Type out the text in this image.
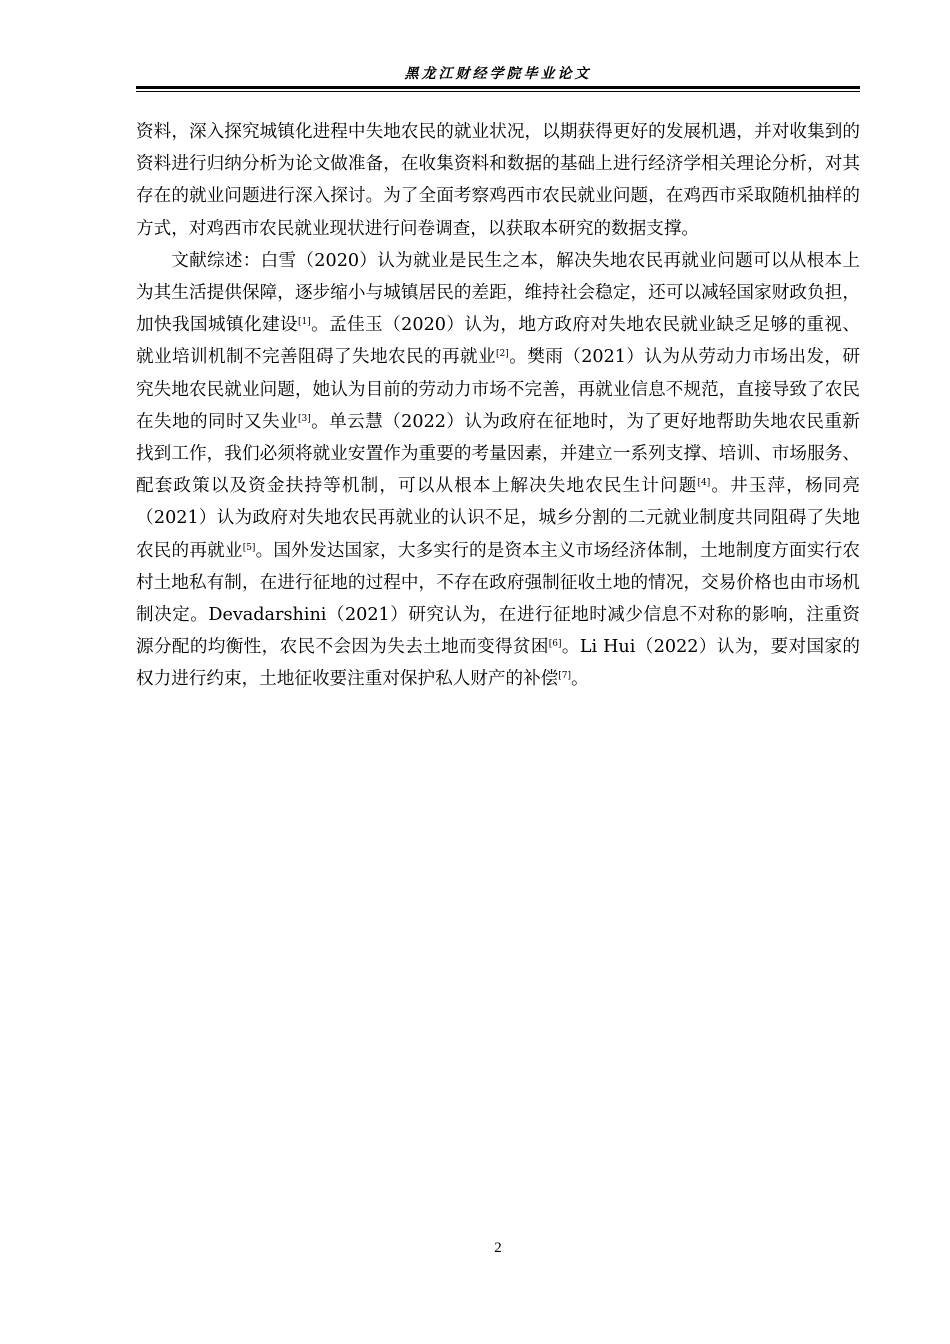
黑龙江财经学院毕业论文

资料，深入探究城镇化进程中失地农民的就业状况，以期获得更好的发展机遇，并对收集到的资料进行归纳分析为论文做准备，在收集资料和数据的基础上进行经济学相关理论分析，对其存在的就业问题进行深入探讨。为了全面考察鸡西市农民就业问题，在鸡西市采取随机抽样的方式，对鸡西市农民就业现状进行问卷调查，以获取本研究的数据支撑。

文献综述：白雪（2020）认为就业是民生之本，解决失地农民再就业问题可以从根本上为其生活提供保障，逐步缩小与城镇居民的差距，维持社会稳定，还可以减轻国家财政负担，加快我国城镇化建设[1]。孟佳玉（2020）认为，地方政府对失地农民就业缺乏足够的重视、就业培训机制不完善阻碍了失地农民的再就业[2]。樊雨（2021）认为从劳动力市场出发，研究失地农民就业问题，她认为目前的劳动力市场不完善，再就业信息不规范，直接导致了农民在失地的同时又失业[3]。单云慧（2022）认为政府在征地时，为了更好地帮助失地农民重新找到工作，我们必须将就业安置作为重要的考量因素，并建立一系列支撑、培训、市场服务、配套政策以及资金扶持等机制，可以从根本上解决失地农民生计问题[4]。井玉萍，杨同亮（2021）认为政府对失地农民再就业的认识不足，城乡分割的二元就业制度共同阻碍了失地农民的再就业[5]。国外发达国家，大多实行的是资本主义市场经济体制，土地制度方面实行农 村土地私有制，在进行征地的过程中，不存在政府强制征收土地的情况，交易价格也由市场机制决定。Devadarshini（2021）研究认为，在进行征地时减少信息不对称的影响，注重资源分配的均衡性，农民不会因为失去土地而变得贫困[6]。Li Hui（2022）认为，要对国家的权力进行约束，土地征收要注重对保护私人财产的补偿[7]。

2
